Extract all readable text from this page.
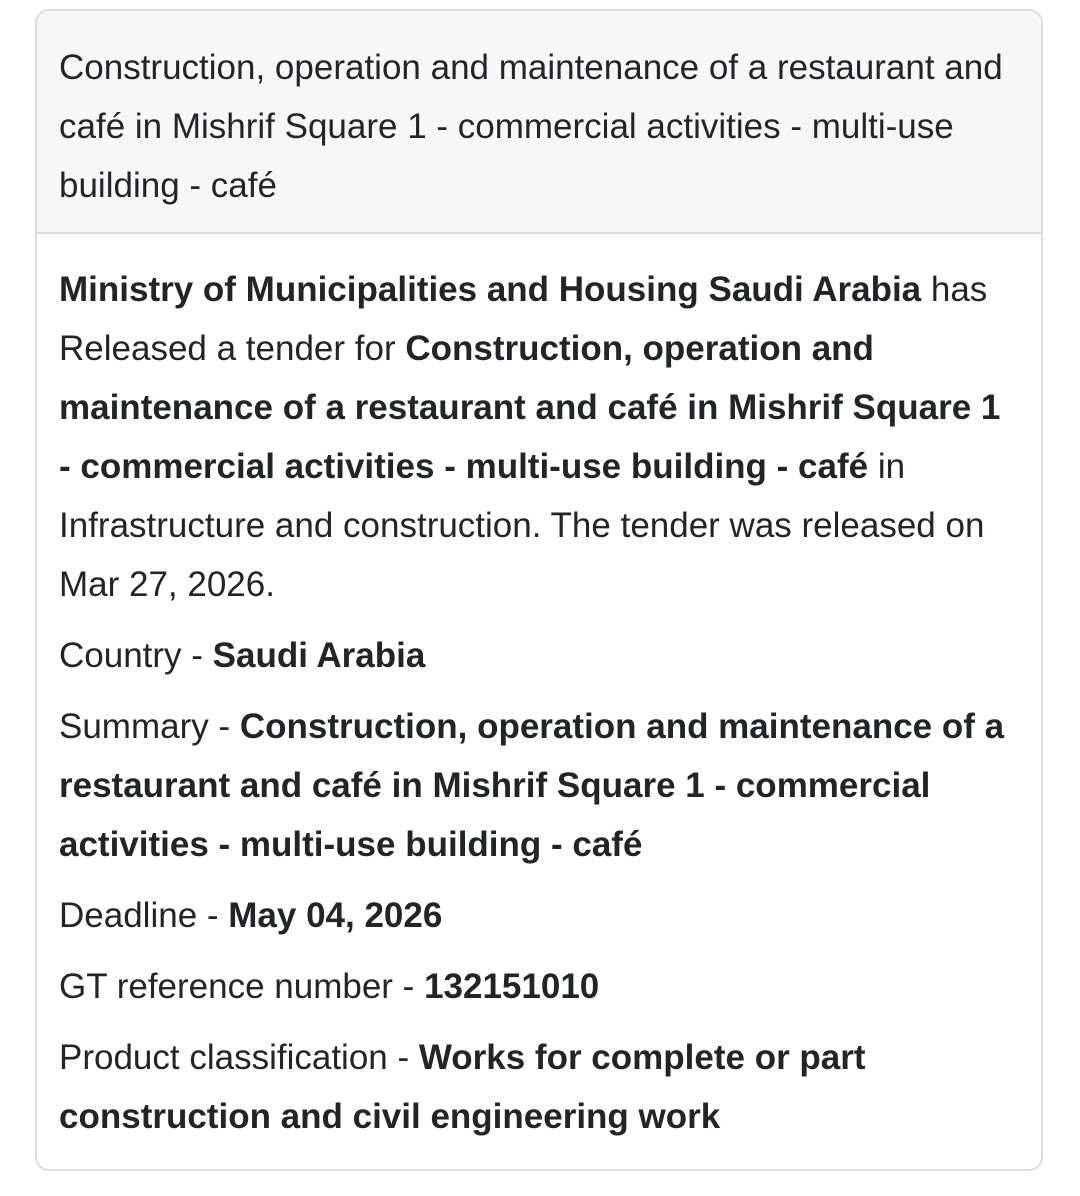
Construction, operation and maintenance of a restaurant and café in Mishrif Square 1 - commercial activities - multi-use building - café

Ministry of Municipalities and Housing Saudi Arabia has Released a tender for Construction, operation and maintenance of a restaurant and café in Mishrif Square 1 - commercial activities - multi-use building - café in Infrastructure and construction. The tender was released on Mar 27, 2026.

Country - Saudi Arabia

Summary - Construction, operation and maintenance of a restaurant and café in Mishrif Square 1 - commercial activities - multi-use building - café

Deadline - May 04, 2026

GT reference number - 132151010

Product classification - Works for complete or part construction and civil engineering work
